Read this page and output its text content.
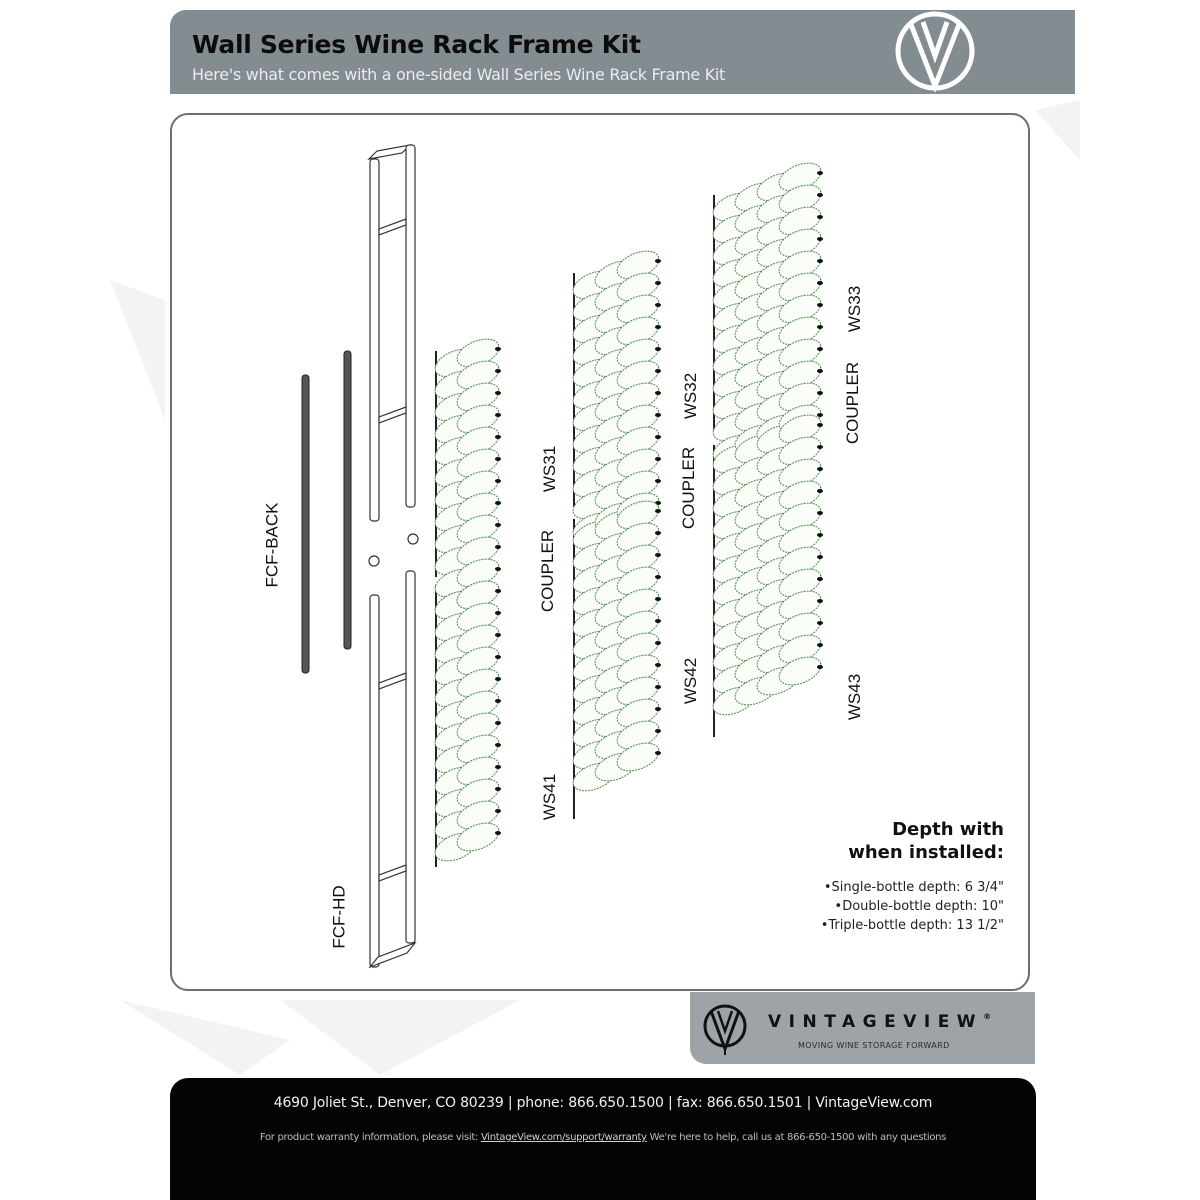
Wall Series Wine Rack Frame Kit
Here's what comes with a one-sided Wall Series Wine Rack Frame Kit
FCF-BACK
FCF-HD
WS31
COUPLER
WS41
WS32
COUPLER
WS42
WS33
COUPLER
WS43
Depth with
when installed:
• Single-bottle depth: 6 3/4"
• Double-bottle depth: 10"
• Triple-bottle depth: 13 1/2"
VINTAGEVIEW®
MOVING WINE STORAGE FORWARD
4690 Joliet St., Denver, CO 80239 | phone: 866.650.1500 | fax: 866.650.1501 | VintageView.com
For product warranty information, please visit: VintageView.com/support/warranty We're here to help, call us at 866-650-1500 with any questions
